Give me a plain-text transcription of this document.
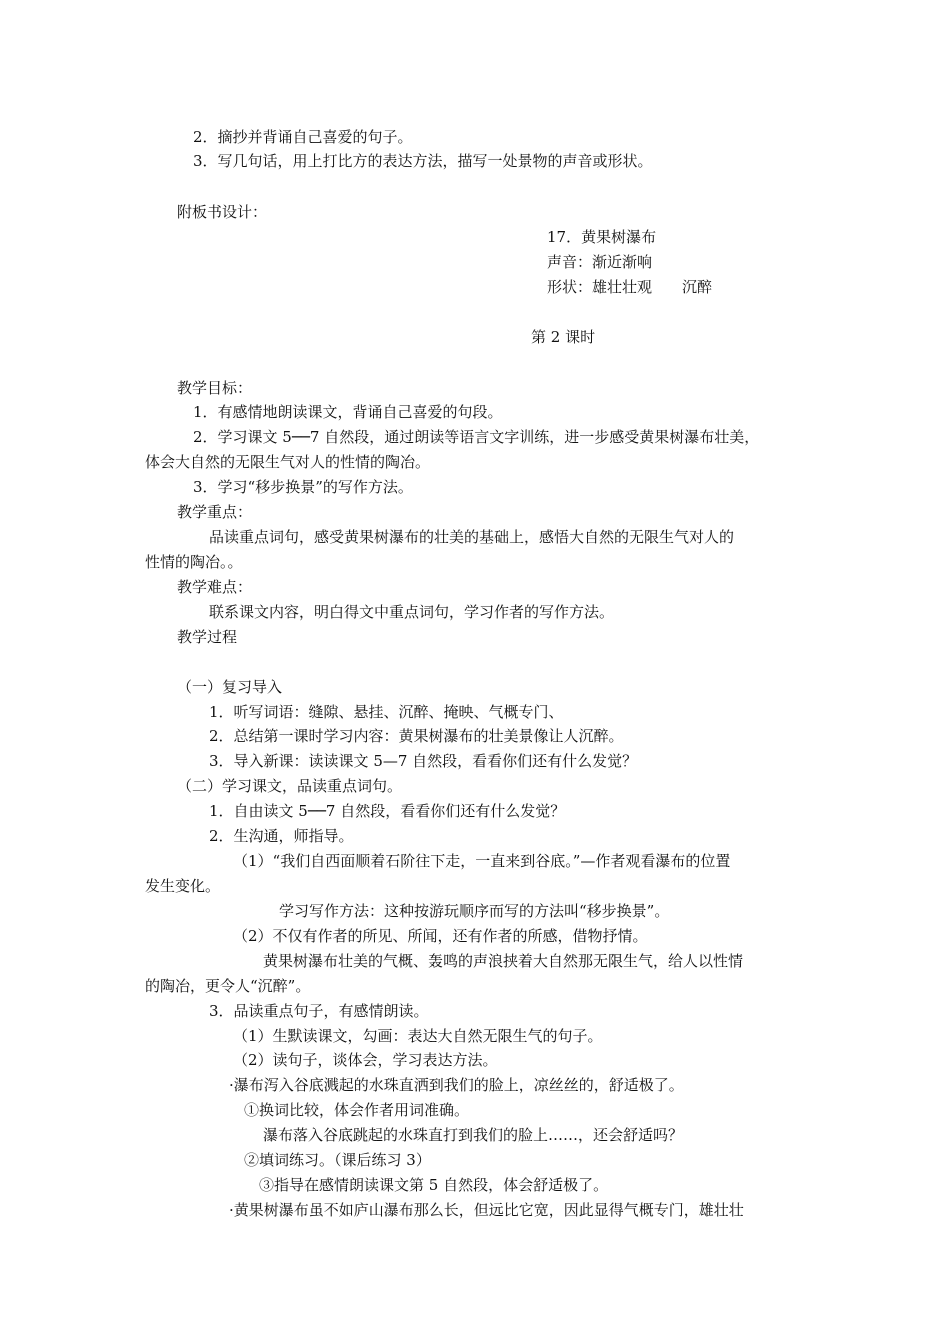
2．摘抄并背诵自己喜爱的句子。
3．写几句话，用上打比方的表达方法，描写一处景物的声音或形状。
附板书设计：
17．黄果树瀑布
声音：渐近渐响
形状：雄壮壮观　　沉醉
第 2 课时
教学目标：
1．有感情地朗读课文，背诵自己喜爱的句段。
2．学习课文 5──7 自然段，通过朗读等语言文字训练，进一步感受黄果树瀑布壮美，
体会大自然的无限生气对人的性情的陶冶。
3．学习“移步换景”的写作方法。
教学重点：
品读重点词句，感受黄果树瀑布的壮美的基础上，感悟大自然的无限生气对人的
性情的陶冶。。
教学难点：
联系课文内容，明白得文中重点词句，学习作者的写作方法。
教学过程
（一）复习导入
1．听写词语：缝隙、悬挂、沉醉、掩映、气概专门、
2．总结第一课时学习内容：黄果树瀑布的壮美景像让人沉醉。
3．导入新课：读读课文 5—7 自然段，看看你们还有什么发觉？
（二）学习课文，品读重点词句。
1．自由读文 5──7 自然段，看看你们还有什么发觉？
2．生沟通，师指导。
（1）“我们自西面顺着石阶往下走，一直来到谷底。”—作者观看瀑布的位置
发生变化。
学习写作方法：这种按游玩顺序而写的方法叫“移步换景”。
（2）不仅有作者的所见、所闻，还有作者的所感，借物抒情。
黄果树瀑布壮美的气概、轰鸣的声浪挟着大自然那无限生气，给人以性情
的陶冶，更令人“沉醉”。
3．品读重点句子，有感情朗读。
（1）生默读课文，勾画：表达大自然无限生气的句子。
（2）读句子，谈体会，学习表达方法。
·瀑布泻入谷底溅起的水珠直洒到我们的脸上，凉丝丝的，舒适极了。
①换词比较，体会作者用词准确。
瀑布落入谷底跳起的水珠直打到我们的脸上……，还会舒适吗？
②填词练习。（课后练习 3）
③指导在感情朗读课文第 5 自然段，体会舒适极了。
·黄果树瀑布虽不如庐山瀑布那么长，但远比它宽，因此显得气概专门，雄壮壮
